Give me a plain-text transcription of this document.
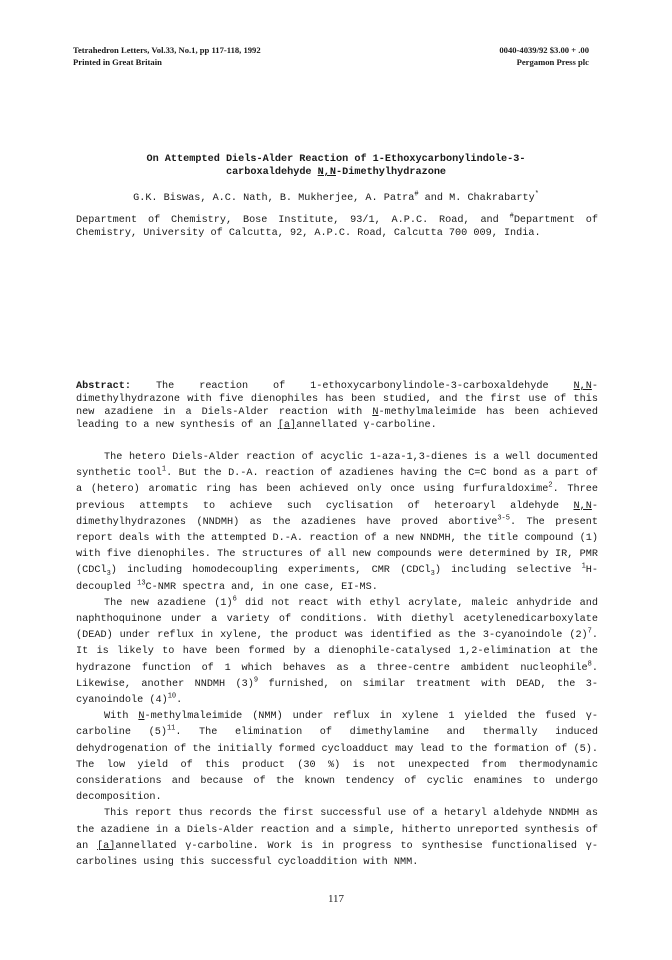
Tetrahedron Letters, Vol.33, No.1, pp 117-118, 1992
Printed in Great Britain
0040-4039/92 $3.00 + .00
Pergamon Press plc
On Attempted Diels-Alder Reaction of 1-Ethoxycarbonylindole-3-
carboxaldehyde N,N-Dimethylhydrazone
G.K. Biswas, A.C. Nath, B. Mukherjee, A. Patra# and M. Chakrabarty*
Department of Chemistry, Bose Institute, 93/1, A.P.C. Road, and #Department of Chemistry, University of Calcutta, 92, A.P.C. Road, Calcutta 700 009, India.
Abstract: The reaction of 1-ethoxycarbonylindole-3-carboxaldehyde N,N-dimethylhydrazone with five dienophiles has been studied, and the first use of this new azadiene in a Diels-Alder reaction with N-methylmaleimide has been achieved leading to a new synthesis of an [a]annellated γ-carboline.

The hetero Diels-Alder reaction of acyclic 1-aza-1,3-dienes is a well documented synthetic tool$^1$. But the D.-A. reaction of azadienes having the C=C bond as a part of a (hetero) aromatic ring has been achieved only once using furfuraldoxime$^2$. Three previous attempts to achieve such cyclisation of heteroaryl aldehyde N,N-dimethylhydrazones (NNDMH) as the azadienes have proved abortive$^{3-5}$. The present report deals with the attempted D.-A. reaction of a new NNDMH, the title compound (1) with five dienophiles. The structures of all new compounds were determined by IR, PMR (CDCl$_3$) including homodecoupling experiments, CMR (CDCl$_3$) including selective $^1$H-decoupled $^{13}$C-NMR spectra and, in one case, EI-MS.

The new azadiene $(1)^6$ did not react with ethyl acrylate, maleic anhydride and naphthoquinone under a variety of conditions. With diethyl acetylenedicarboxylate (DEAD) under reflux in xylene, the product was identified as the 3-cyanoindole $(2)^7$. It is likely to have been formed by a dienophile-catalysed 1,2-elimination at the hydrazone function of 1 which behaves as a three-centre ambident nucleophile$^8$. Likewise, another NNDMH $(3)^9$ furnished, on similar treatment with DEAD, the 3-cyanoindole $(4)^{10}$.

With N-methylmaleimide (NMM) under reflux in xylene 1 yielded the fused γ-carboline $(5)^{11}$. The elimination of dimethylamine and thermally induced dehydrogenation of the initially formed cycloadduct may lead to the formation of (5). The low yield of this product (30 %) is not unexpected from thermodynamic considerations and because of the known tendency of cyclic enamines to undergo decomposition.

This report thus records the first successful use of a hetaryl aldehyde NNDMH as the azadiene in a Diels-Alder reaction and a simple, hitherto unreported synthesis of an [a]annellated γ-carboline. Work is in progress to synthesise functionalised γ-carbolines using this successful cycloaddition with NMM.

117
